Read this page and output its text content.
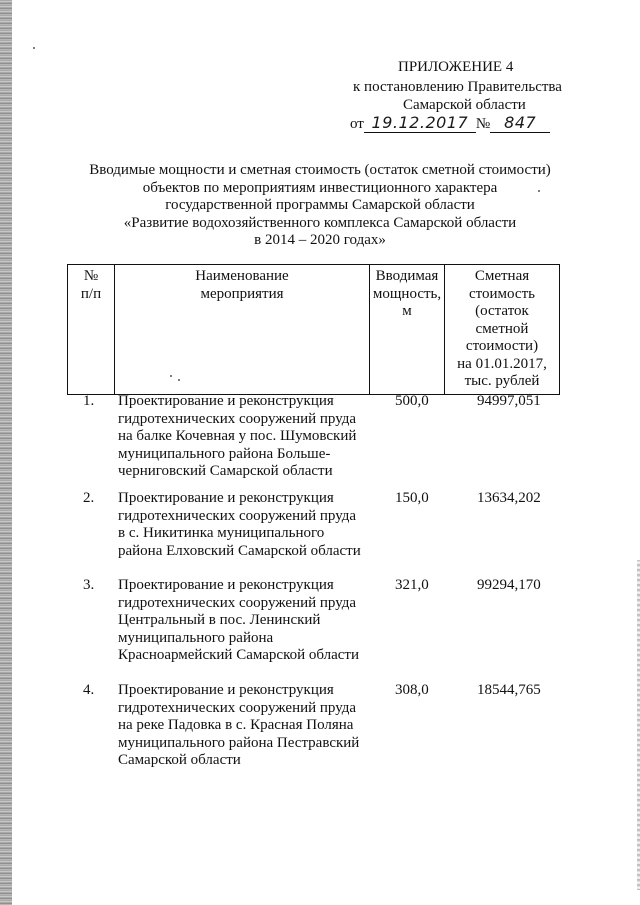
ПРИЛОЖЕНИЕ 4
к постановлению Правительства
Самарской области
от 19.12.2017 № 847
Вводимые мощности и сметная стоимость (остаток сметной стоимости)
объектов по мероприятиям инвестиционного характера
государственной программы Самарской области
«Развитие водохозяйственного комплекса Самарской области
в 2014 – 2020 годах»
№
п/п

Наименование
мероприятия

Вводимая
мощность,
м

Сметная
стоимость
(остаток
сметной
стоимости)
на 01.01.2017,
тыс. рублей
1. Проектирование и реконструкция
гидротехнических сооружений пруда
на балке Кочевная у пос. Шумовский
муниципального района Больше-
черниговский Самарской области
500,0	94997,051
2. Проектирование и реконструкция
гидротехнических сооружений пруда
в с. Никитинка муниципального
района Елховский Самарской области
150,0	13634,202
3. Проектирование и реконструкция
гидротехнических сооружений пруда
Центральный в пос. Ленинский
муниципального района
Красноармейский Самарской области
321,0	99294,170
4. Проектирование и реконструкция
гидротехнических сооружений пруда
на реке Падовка в с. Красная Поляна
муниципального района Пестравский
Самарской области
308,0	18544,765
